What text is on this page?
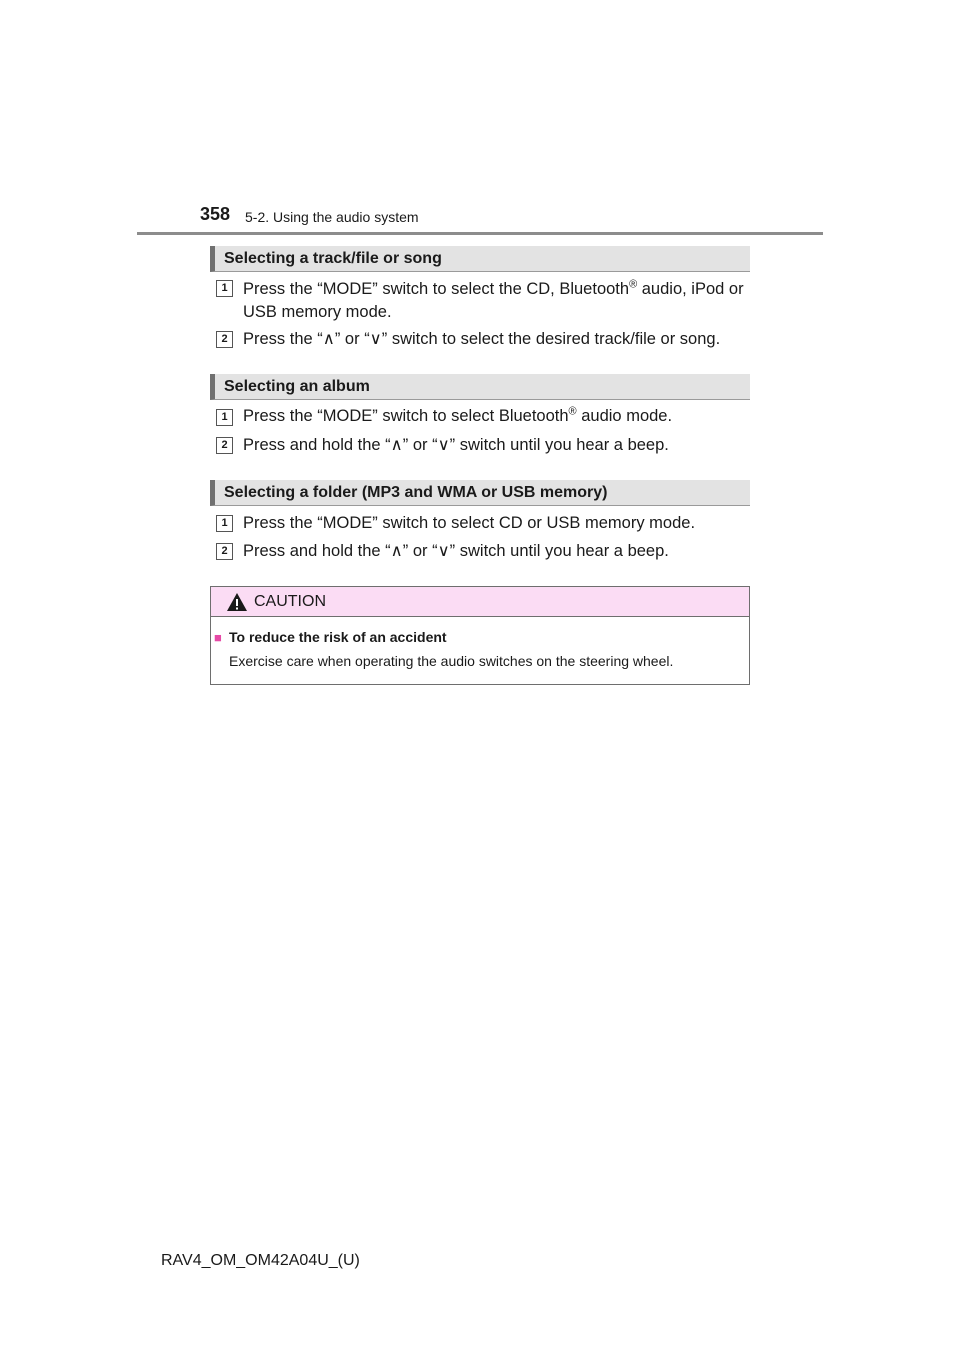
358 5-2. Using the audio system
Selecting a track/file or song
1 Press the “MODE” switch to select the CD, Bluetooth® audio, iPod or USB memory mode.
2 Press the “∧” or “∨” switch to select the desired track/file or song.
Selecting an album
1 Press the “MODE” switch to select Bluetooth® audio mode.
2 Press and hold the “∧” or “∨” switch until you hear a beep.
Selecting a folder (MP3 and WMA or USB memory)
1 Press the “MODE” switch to select CD or USB memory mode.
2 Press and hold the “∧” or “∨” switch until you hear a beep.
CAUTION
■ To reduce the risk of an accident
Exercise care when operating the audio switches on the steering wheel.
RAV4_OM_OM42A04U_(U)
